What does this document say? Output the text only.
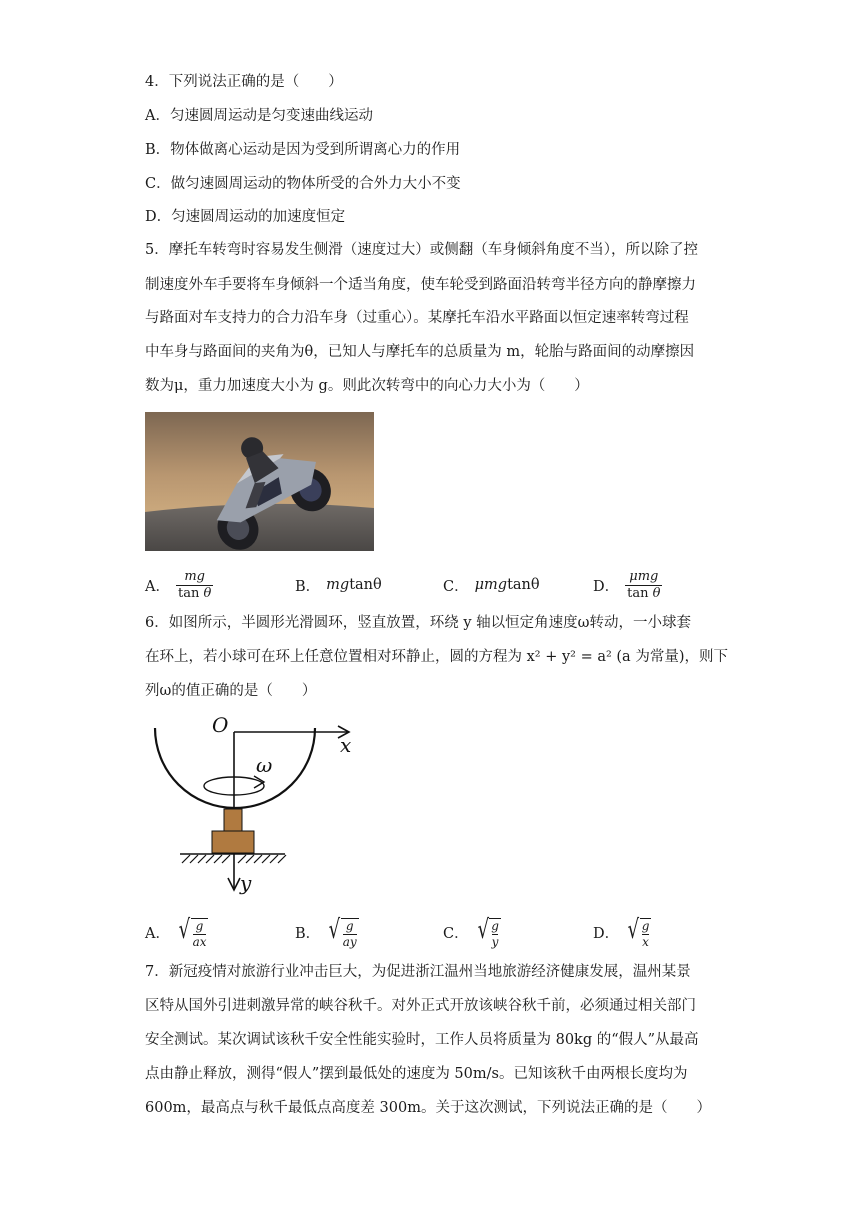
4．下列说法正确的是（　　）
A．匀速圆周运动是匀变速曲线运动
B．物体做离心运动是因为受到所谓离心力的作用
C．做匀速圆周运动的物体所受的合外力大小不变
D．匀速圆周运动的加速度恒定
5．摩托车转弯时容易发生侧滑（速度过大）或侧翻（车身倾斜角度不当），所以除了控
制速度外车手要将车身倾斜一个适当角度，使车轮受到路面沿转弯半径方向的静摩擦力
与路面对车支持力的合力沿车身（过重心）。某摩托车沿水平路面以恒定速率转弯过程
中车身与路面间的夹角为θ，已知人与摩托车的总质量为 m，轮胎与路面间的动摩擦因
数为μ，重力加速度大小为 g。则此次转弯中的向心力大小为（　　）
A． $\frac{mg}{\text{tan θ}}$	B． mg tanθ	C． μmg tanθ	D． $\frac{\text{μmg}}{\text{tan θ}}$
6．如图所示，半圆形光滑圆环，竖直放置，环绕 y 轴以恒定角速度ω转动，一小球套
在环上，若小球可在环上任意位置相对环静止，圆的方程为 x² + y² = a² (a 为常量)，则下
列ω的值正确的是（　　）
x
O
y
ω
A． √ $\frac{g}{ax}$	B． √ $\frac{g}{ay}$	C． √ $\frac{g}{y}$	D． √ $\frac{g}{x}$
7．新冠疫情对旅游行业冲击巨大，为促进浙江温州当地旅游经济健康发展，温州某景
区特从国外引进刺激异常的峡谷秋千。对外正式开放该峡谷秋千前，必须通过相关部门
安全测试。某次调试该秋千安全性能实验时，工作人员将质量为 80kg 的“假人”从最高
点由静止释放，测得“假人”摆到最低处的速度为 50m/s。已知该秋千由两根长度均为
600m，最高点与秋千最低点高度差 300m。关于这次测试，下列说法正确的是（　　）
